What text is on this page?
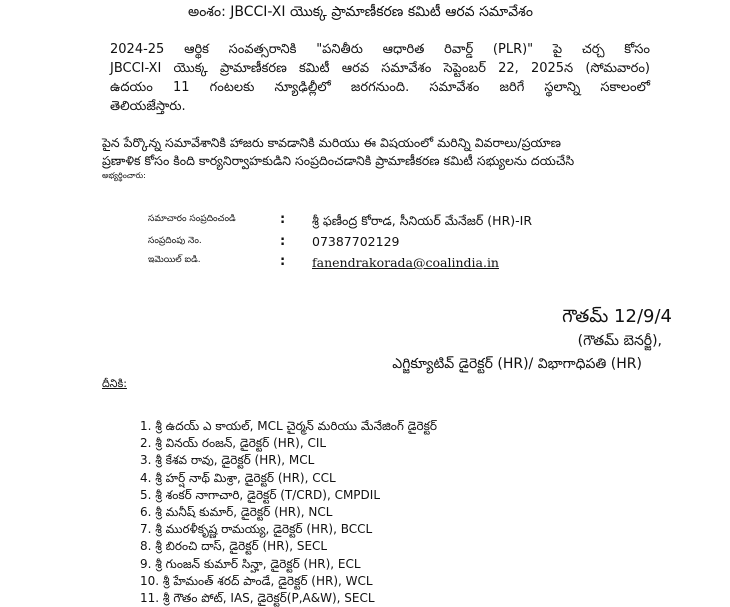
అంశం: JBCCI-XI యొక్క ప్రామాణీకరణ కమిటీ ఆరవ సమావేశం
2024-25 ఆర్థిక సంవత్సరానికి "పనితీరు ఆధారిత రివార్డ్ (PLR)" పై చర్చ కోసం
JBCCI-XI యొక్క ప్రామాణీకరణ కమిటీ ఆరవ సమావేశం సెప్టెంబర్ 22, 2025న (సోమవారం)
ఉదయం 11 గంటలకు న్యూఢిల్లీలో జరగనుంది. సమావేశం జరిగే స్థలాన్ని సకాలంలో
తెలియజేస్తారు.
పైన పేర్కొన్న సమావేశానికి హాజరు కావడానికి మరియు ఈ విషయంలో మరిన్ని వివరాలు/ప్రయాణ
ప్రణాళిక కోసం కింది కార్యనిర్వాహకుడిని సంప్రదించడానికి ప్రామాణీకరణ కమిటీ సభ్యులను దయచేసి
అభ్యర్థించారు:
సమాచారం సంప్రదించండి	: శ్రీ ఫణీంద్ర కోరాడ, సీనియర్ మేనేజర్ (HR)-IR
సంప్రదింపు నెం.	: 07387702129
ఇమెయిల్ ఐడి.	: fanendrakorada@coalindia.in
గౌతమ్ 12/9/4
(గౌతమ్ బెనర్జీ),
ఎగ్జిక్యూటివ్ డైరెక్టర్ (HR)/ విభాగాధిపతి (HR)
దీనికి:
1. శ్రీ ఉదయ్ ఎ కాయల్, MCL చైర్మన్ మరియు మేనేజింగ్ డైరెక్టర్
2. శ్రీ వినయ్ రంజన్, డైరెక్టర్ (HR), CIL
3. శ్రీ కేశవ రావు, డైరెక్టర్ (HR), MCL
4. శ్రీ హర్ష్ నాథ్ మిశ్రా, డైరెక్టర్ (HR), CCL
5. శ్రీ శంకర్ నాగాచారి, డైరెక్టర్ (T/CRD), CMPDIL
6. శ్రీ మనీష్ కుమార్, డైరెక్టర్ (HR), NCL
7. శ్రీ మురళీకృష్ణ రామయ్య, డైరెక్టర్ (HR), BCCL
8. శ్రీ బిరంచి దాస్, డైరెక్టర్ (HR), SECL
9. శ్రీ గుంజన్ కుమార్ సిన్హా, డైరెక్టర్ (HR), ECL
10. శ్రీ హేమంత్ శరద్ పాండే, డైరెక్టర్ (HR), WCL
11. శ్రీ గౌతం పోట్, IAS, డైరెక్టర్(P,A&W), SECL
